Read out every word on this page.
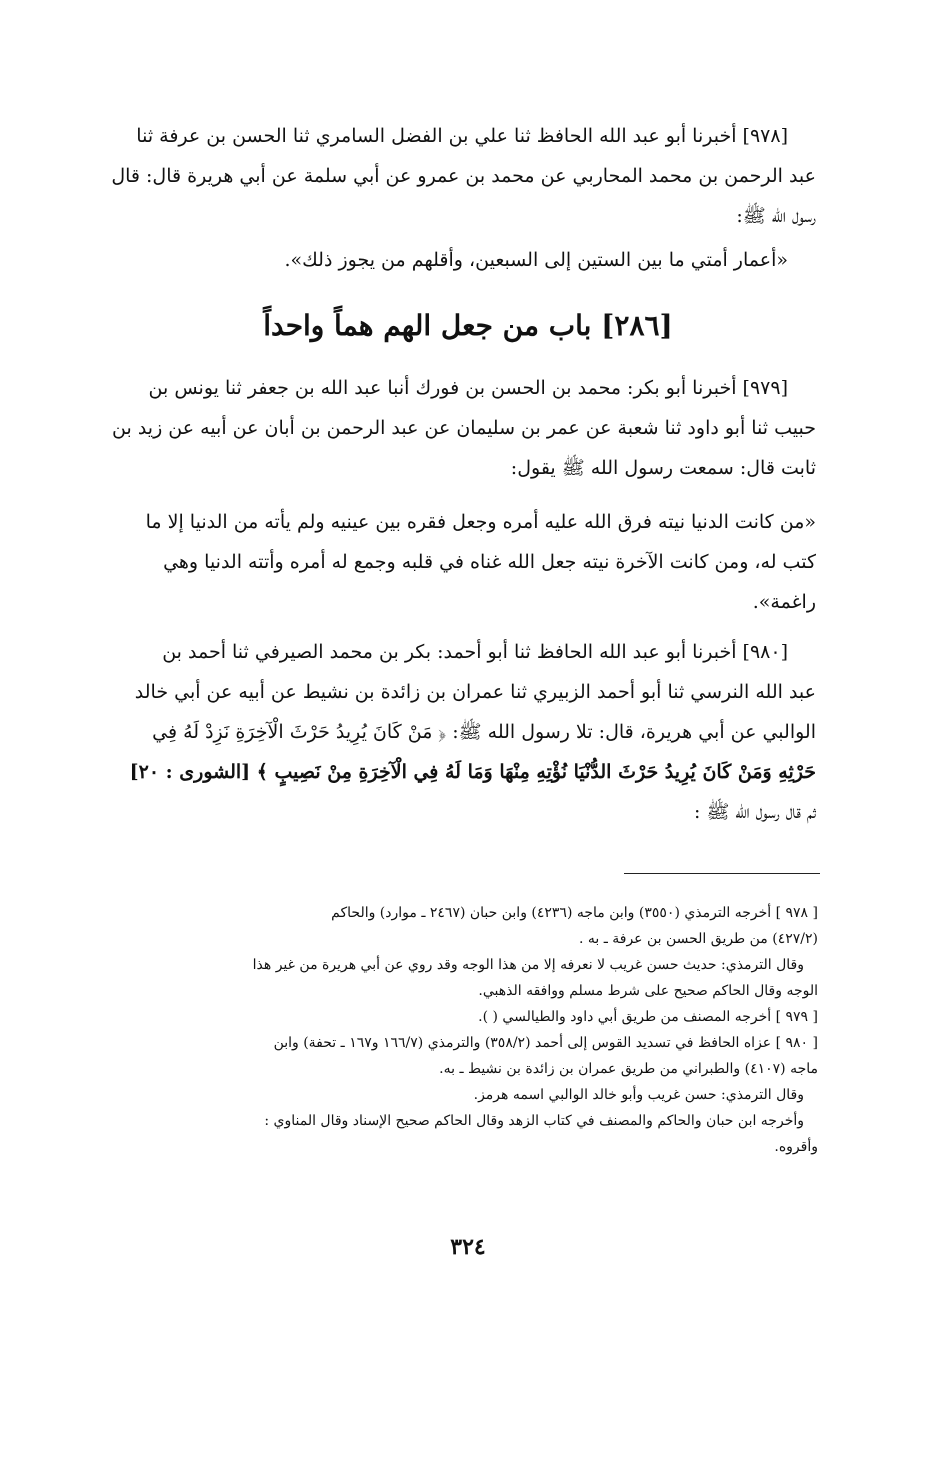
[٩٧٨] أخبرنا أبو عبد الله الحافظ ثنا علي بن الفضل السامري ثنا الحسن بن عرفة ثنا
عبد الرحمن بن محمد المحاربي عن محمد بن عمرو عن أبي سلمة عن أبي هريرة قال: قال
رسول الله ﷺ:
«أعمار أمتي ما بين الستين إلى السبعين، وأقلهم من يجوز ذلك».
[٢٨٦] باب من جعل الهم هماً واحداً
[٩٧٩] أخبرنا أبو بكر: محمد بن الحسن بن فورك أنبا عبد الله بن جعفر ثنا يونس بن
حبيب ثنا أبو داود ثنا شعبة عن عمر بن سليمان عن عبد الرحمن بن أبان عن أبيه عن زيد بن
ثابت قال: سمعت رسول الله ﷺ يقول:
«من كانت الدنيا نيته فرق الله عليه أمره وجعل فقره بين عينيه ولم يأته من الدنيا إلا ما
كتب له، ومن كانت الآخرة نيته جعل الله غناه في قلبه وجمع له أمره وأتته الدنيا وهي
راغمة».
[٩٨٠] أخبرنا أبو عبد الله الحافظ ثنا أبو أحمد: بكر بن محمد الصيرفي ثنا أحمد بن
عبد الله النرسي ثنا أبو أحمد الزبيري ثنا عمران بن زائدة بن نشيط عن أبيه عن أبي خالد
الوالبي عن أبي هريرة، قال: تلا رسول الله ﷺ: ﴿ مَنْ كَانَ يُرِيدُ حَرْثَ الْآخِرَةِ نَزِدْ لَهُ فِي
حَرْثِهِ وَمَنْ كَانَ يُرِيدُ حَرْثَ الدُّنْيَا نُؤْتِهِ مِنْهَا وَمَا لَهُ فِي الْآخِرَةِ مِنْ نَصِيبٍ ﴾ [الشورى : ٢٠]
ثم قال رسول الله ﷺ :
[ ٩٧٨ ] أخرجه الترمذي (٣٥٥٠) وابن ماجه (٤٢٣٦) وابن حبان (٢٤٦٧ ـ موارد) والحاكم
(٤٢٧/٢) من طريق الحسن بن عرفة ـ به .
وقال الترمذي: حديث حسن غريب لا نعرفه إلا من هذا الوجه وقد روي عن أبي هريرة من غير هذا
الوجه وقال الحاكم صحيح على شرط مسلم ووافقه الذهبي.
[ ٩٧٩ ] أخرجه المصنف من طريق أبي داود والطيالسي ( ).
[ ٩٨٠ ] عزاه الحافظ في تسديد القوس إلى أحمد (٣٥٨/٢) والترمذي (١٦٦/٧ و١٦٧ ـ تحفة) وابن
ماجه (٤١٠٧) والطبراني من طريق عمران بن زائدة بن نشيط ـ به.
وقال الترمذي: حسن غريب وأبو خالد الوالبي اسمه هرمز.
وأخرجه ابن حبان والحاكم والمصنف في كتاب الزهد وقال الحاكم صحيح الإسناد وقال المناوي :
وأقروه.
٣٢٤
